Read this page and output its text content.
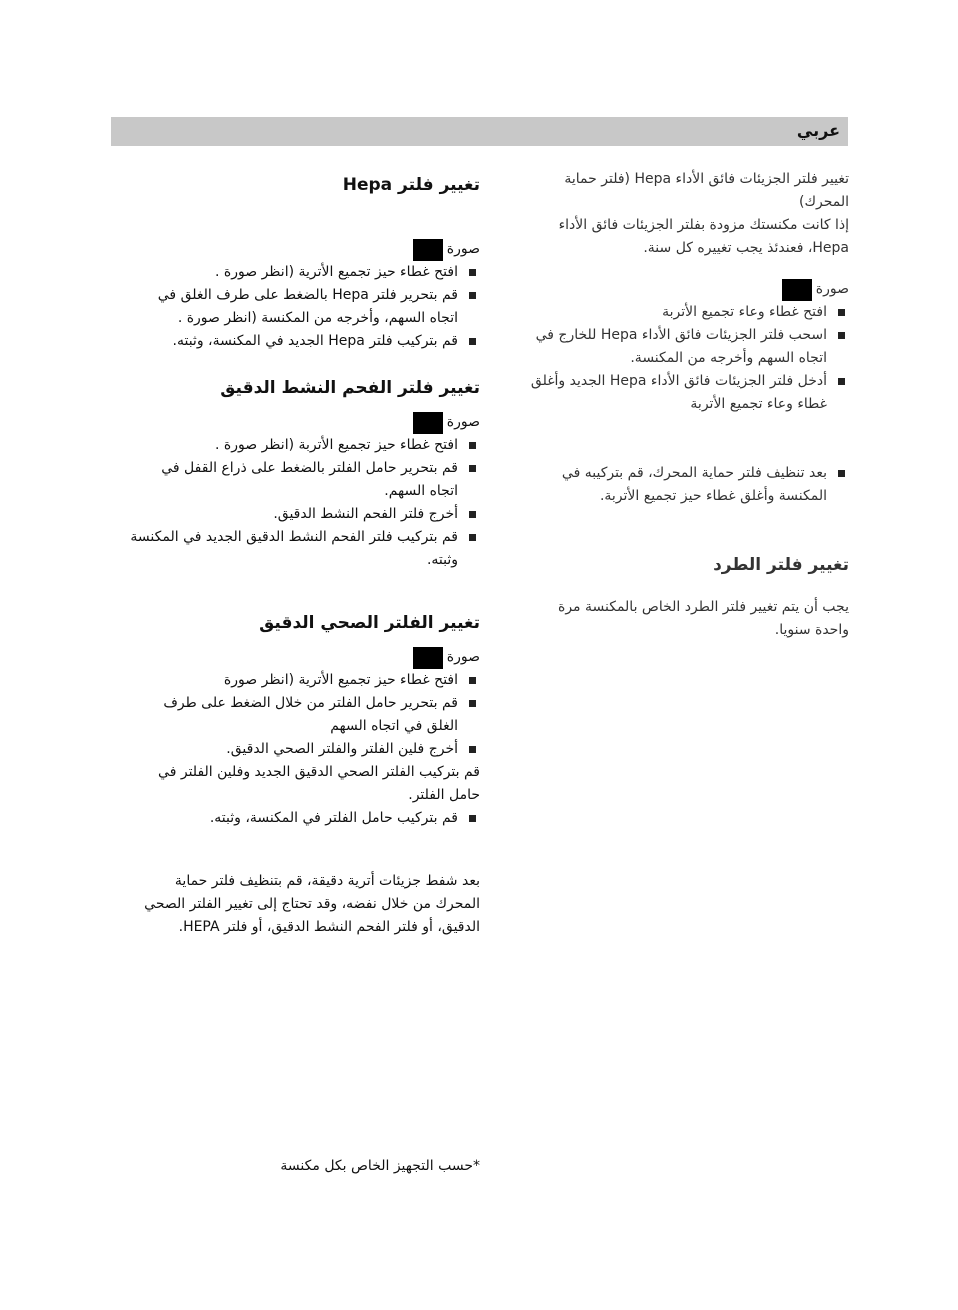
عربي

تغيير فلتر الجزيئات فائق الأداء Hepa (فلتر حماية المحرك)

إذا كانت مكنستك مزودة بفلتر الجزيئات فائق الأداء Hepa، فعندئذ يجب تغييره كل سنة.

صورة
افتح غطاء وعاء تجميع الأتربة
اسحب فلتر الجزيئات فائق الأداء Hepa للخارج في اتجاه السهم وأخرجه من المكنسة.
أدخل فلتر الجزيئات فائق الأداء Hepa الجديد وأغلق غطاء وعاء تجميع الأتربة
بعد تنظيف فلتر حماية المحرك، قم بتركيبه في المكنسة وأغلق غطاء حيز تجميع الأتربة.
تغيير فلتر الطرد

يجب أن يتم تغيير فلتر الطرد الخاص بالمكنسة مرة واحدة سنويا.

تغيير فلتر Hepa
صورة
افتح غطاء حيز تجميع الأترية (انظر صورة .
قم بتحرير فلتر Hepa بالضغط على طرف الغلق في اتجاه السهم، وأخرجه من المكنسة (انظر صورة .
قم بتركيب فلتر Hepa الجديد في المكنسة، وثبته.
تغيير فلتر الفحم النشط الدقيق
صورة
افتح غطاء حيز تجميع الأتربة (انظر صورة .
قم بتحرير حامل الفلتر بالضغط على ذراع القفل في اتجاه السهم.
أخرج فلتر الفحم النشط الدقيق.
قم بتركيب فلتر الفحم النشط الدقيق الجديد في المكنسة وثبته.
تغيير الفلتر الصحي الدقيق
صورة
افتح غطاء حيز تجميع الأترية (انظر صورة
قم بتحرير حامل الفلتر من خلال الضغط على طرف الغلق في اتجاه السهم
أخرج فلين الفلتر والفلتر الصحي الدقيق.
قم بتركيب الفلتر الصحي الدقيق الجديد وفلين الفلتر في حامل الفلتر.
قم بتركيب حامل الفلتر في المكنسة، وثبته.

بعد شفط جزيئات أترية دقيقة، قم بتنظيف فلتر حماية المحرك من خلال نفضه، وقد تحتاج إلى تغيير الفلتر الصحي الدقيق، أو فلتر الفحم النشط الدقيق، أو فلتر HEPA.

*حسب التجهيز الخاص بكل مكنسة
